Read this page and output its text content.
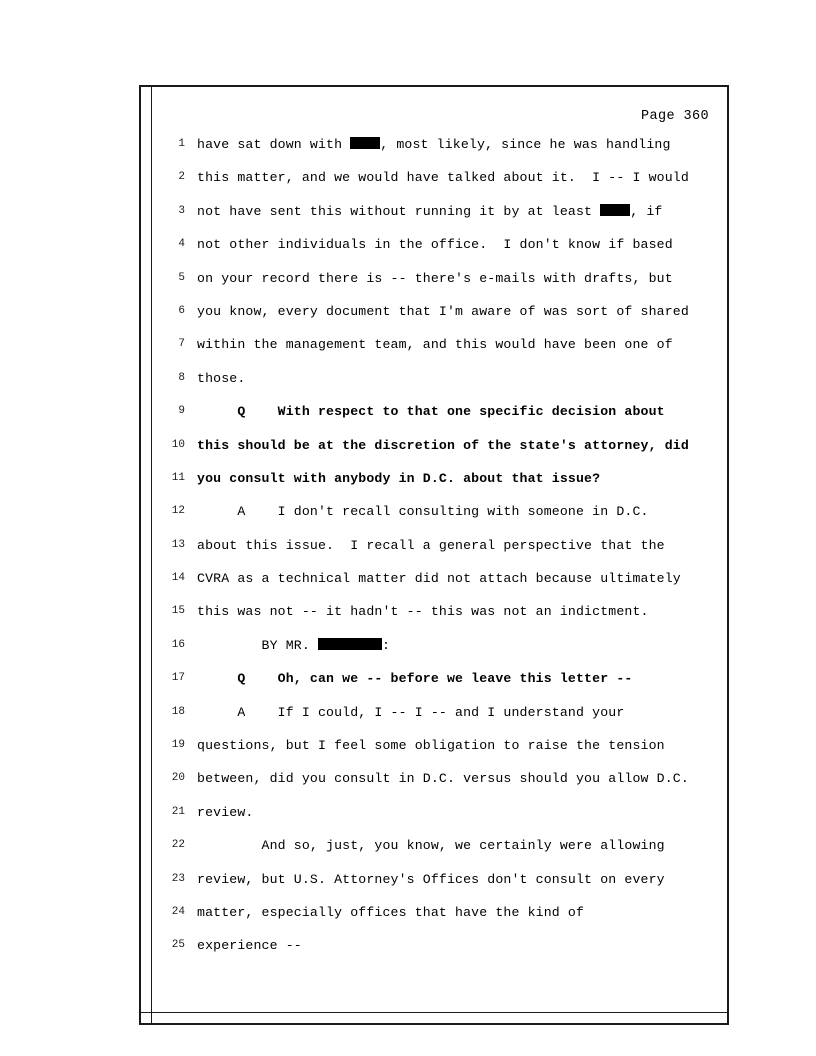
Page 360
1 have sat down with , most likely, since he was handling
2 this matter, and we would have talked about it.  I -- I would
3 not have sent this without running it by at least , if
4 not other individuals in the office.  I don't know if based
5 on your record there is -- there's e-mails with drafts, but
6 you know, every document that I'm aware of was sort of shared
7 within the management team, and this would have been one of
8 those.
9 Q    With respect to that one specific decision about
10 this should be at the discretion of the state's attorney, did
11 you consult with anybody in D.C. about that issue?
12 A    I don't recall consulting with someone in D.C.
13 about this issue.  I recall a general perspective that the
14 CVRA as a technical matter did not attach because ultimately
15 this was not -- it hadn't -- this was not an indictment.
16 BY MR.	:
17 Q    Oh, can we -- before we leave this letter --
18 A    If I could, I -- I -- and I understand your
19 questions, but I feel some obligation to raise the tension
20 between, did you consult in D.C. versus should you allow D.C.
21 review.
22 And so, just, you know, we certainly were allowing
23 review, but U.S. Attorney's Offices don't consult on every
24 matter, especially offices that have the kind of
25 experience --
